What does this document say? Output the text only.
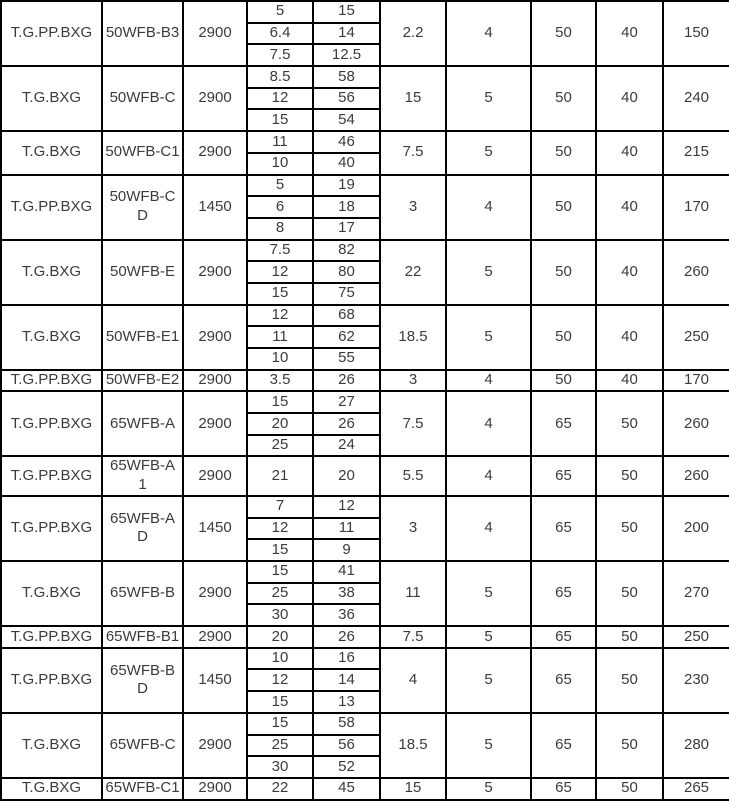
T.G.PP.BXG	50WFB-B3	2900	5	15	2.2	4	50	40	150
			6.4	14					
			7.5	12.5					
T.G.BXG	50WFB-C	2900	8.5	58	15	5	50	40	240
			12	56					
			15	54					
T.G.BXG	50WFB-C1	2900	11	46	7.5	5	50	40	215
			10	40					
T.G.PP.BXG	50WFB-C D	1450	5	19	3	4	50	40	170
			6	18					
			8	17					
T.G.BXG	50WFB-E	2900	7.5	82	22	5	50	40	260
			12	80					
			15	75					
T.G.BXG	50WFB-E1	2900	12	68	18.5	5	50	40	250
			11	62					
			10	55					
T.G.PP.BXG	50WFB-E2	2900	3.5	26	3	4	50	40	170
T.G.PP.BXG	65WFB-A	2900	15	27	7.5	4	65	50	260
			20	26					
			25	24					
T.G.PP.BXG	65WFB-A 1	2900	21	20	5.5	4	65	50	260
T.G.PP.BXG	65WFB-A D	1450	7	12	3	4	65	50	200
			12	11					
			15	9					
T.G.BXG	65WFB-B	2900	15	41	11	5	65	50	270
			25	38					
			30	36					
T.G.PP.BXG	65WFB-B1	2900	20	26	7.5	5	65	50	250
T.G.PP.BXG	65WFB-B D	1450	10	16	4	5	65	50	230
			12	14					
			15	13					
T.G.BXG	65WFB-C	2900	15	58	18.5	5	65	50	280
			25	56					
			30	52					
T.G.BXG	65WFB-C1	2900	22	45	15	5	65	50	265
